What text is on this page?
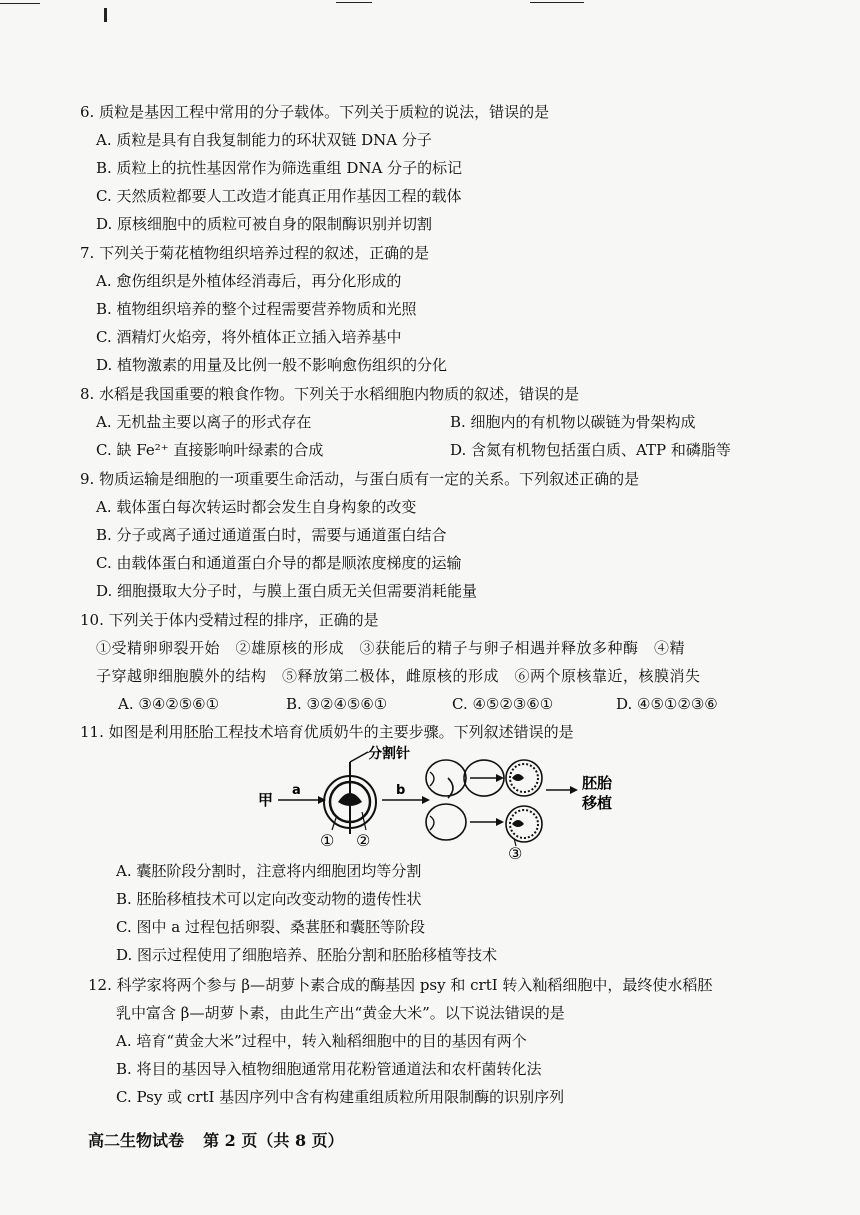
6. 质粒是基因工程中常用的分子载体。下列关于质粒的说法，错误的是
A. 质粒是具有自我复制能力的环状双链 DNA 分子
B. 质粒上的抗性基因常作为筛选重组 DNA 分子的标记
C. 天然质粒都要人工改造才能真正用作基因工程的载体
D. 原核细胞中的质粒可被自身的限制酶识别并切割
7. 下列关于菊花植物组织培养过程的叙述，正确的是
A. 愈伤组织是外植体经消毒后，再分化形成的
B. 植物组织培养的整个过程需要营养物质和光照
C. 酒精灯火焰旁，将外植体正立插入培养基中
D. 植物激素的用量及比例一般不影响愈伤组织的分化
8. 水稻是我国重要的粮食作物。下列关于水稻细胞内物质的叙述，错误的是
A. 无机盐主要以离子的形式存在	B. 细胞内的有机物以碳链为骨架构成
C. 缺 Fe²⁺ 直接影响叶绿素的合成	D. 含氮有机物包括蛋白质、ATP 和磷脂等
9. 物质运输是细胞的一项重要生命活动，与蛋白质有一定的关系。下列叙述正确的是
A. 载体蛋白每次转运时都会发生自身构象的改变
B. 分子或离子通过通道蛋白时，需要与通道蛋白结合
C. 由载体蛋白和通道蛋白介导的都是顺浓度梯度的运输
D. 细胞摄取大分子时，与膜上蛋白质无关但需要消耗能量
10. 下列关于体内受精过程的排序，正确的是
①受精卵卵裂开始　②雄原核的形成　③获能后的精子与卵子相遇并释放多种酶　④精
子穿越卵细胞膜外的结构　⑤释放第二极体，雌原核的形成　⑥两个原核靠近，核膜消失
A. ③④②⑤⑥①	B. ③②④⑤⑥①	C. ④⑤②③⑥①	D. ④⑤①②③⑥
11. 如图是利用胚胎工程技术培育优质奶牛的主要步骤。下列叙述错误的是
甲
a
分割针
① ②
b
③
胚胎
移植
A. 囊胚阶段分割时，注意将内细胞团均等分割
B. 胚胎移植技术可以定向改变动物的遗传性状
C. 图中 a 过程包括卵裂、桑葚胚和囊胚等阶段
D. 图示过程使用了细胞培养、胚胎分割和胚胎移植等技术
12. 科学家将两个参与 β—胡萝卜素合成的酶基因 psy 和 crtⅠ 转入籼稻细胞中，最终使水稻胚
乳中富含 β—胡萝卜素，由此生产出“黄金大米”。以下说法错误的是
A. 培育“黄金大米”过程中，转入籼稻细胞中的目的基因有两个
B. 将目的基因导入植物细胞通常用花粉管通道法和农杆菌转化法
C. Psy 或 crtⅠ 基因序列中含有构建重组质粒所用限制酶的识别序列
高二生物试卷 第 2 页（共 8 页）
